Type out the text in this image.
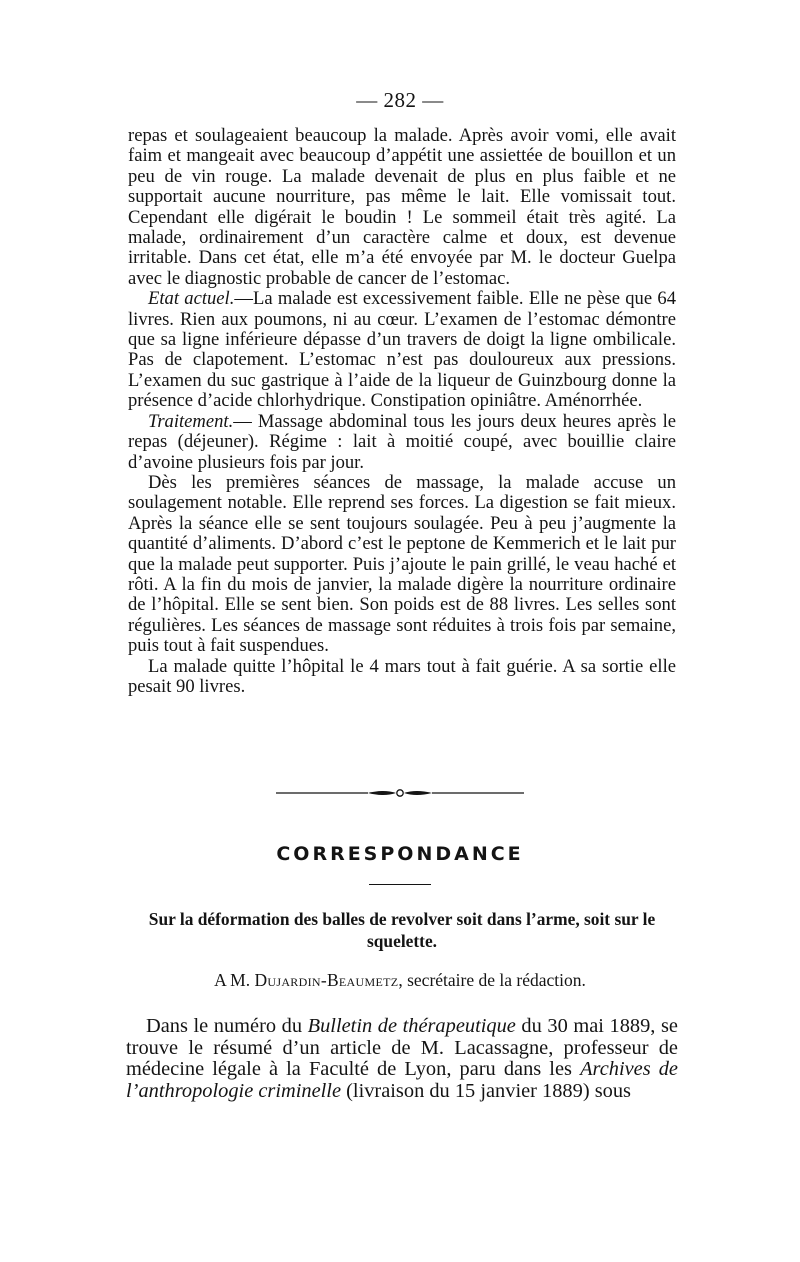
— 282 —

repas et soulageaient beaucoup la malade. Après avoir vomi, elle avait faim et mangeait avec beaucoup d’appétit une assiettée de bouillon et un peu de vin rouge. La malade devenait de plus en plus faible et ne supportait aucune nourriture, pas même le lait. Elle vomissait tout. Cependant elle digérait le boudin ! Le sommeil était très agité. La malade, ordinairement d’un caractère calme et doux, est devenue irritable. Dans cet état, elle m’a été envoyée par M. le docteur Guelpa avec le diagnostic probable de cancer de l’estomac.

Etat actuel.—La malade est excessivement faible. Elle ne pèse que 64 livres. Rien aux poumons, ni au cœur. L’examen de l’estomac démontre que sa ligne inférieure dépasse d’un travers de doigt la ligne ombilicale. Pas de clapotement. L’estomac n’est pas douloureux aux pressions. L’examen du suc gastrique à l’aide de la liqueur de Guinzbourg donne la présence d’acide chlorhydrique. Constipation opiniâtre. Aménorrhée.

Traitement.— Massage abdominal tous les jours deux heures après le repas (déjeuner). Régime : lait à moitié coupé, avec bouillie claire d’avoine plusieurs fois par jour.

Dès les premières séances de massage, la malade accuse un soulagement notable. Elle reprend ses forces. La digestion se fait mieux. Après la séance elle se sent toujours soulagée. Peu à peu j’augmente la quantité d’aliments. D’abord c’est le peptone de Kemmerich et le lait pur que la malade peut supporter. Puis j’ajoute le pain grillé, le veau haché et rôti. A la fin du mois de janvier, la malade digère la nourriture ordinaire de l’hôpital. Elle se sent bien. Son poids est de 88 livres. Les selles sont régulières. Les séances de massage sont réduites à trois fois par semaine, puis tout à fait suspendues.

La malade quitte l’hôpital le 4 mars tout à fait guérie. A sa sortie elle pesait 90 livres.

CORRESPONDANCE
Sur la déformation des balles de revolver soit dans l’arme, soit sur le squelette.
A M. Dujardin-Beaumetz, secrétaire de la rédaction.

Dans le numéro du Bulletin de thérapeutique du 30 mai 1889, se trouve le résumé d’un article de M. Lacassagne, professeur de médecine légale à la Faculté de Lyon, paru dans les Archives de l’anthropologie criminelle (livraison du 15 janvier 1889) sous
